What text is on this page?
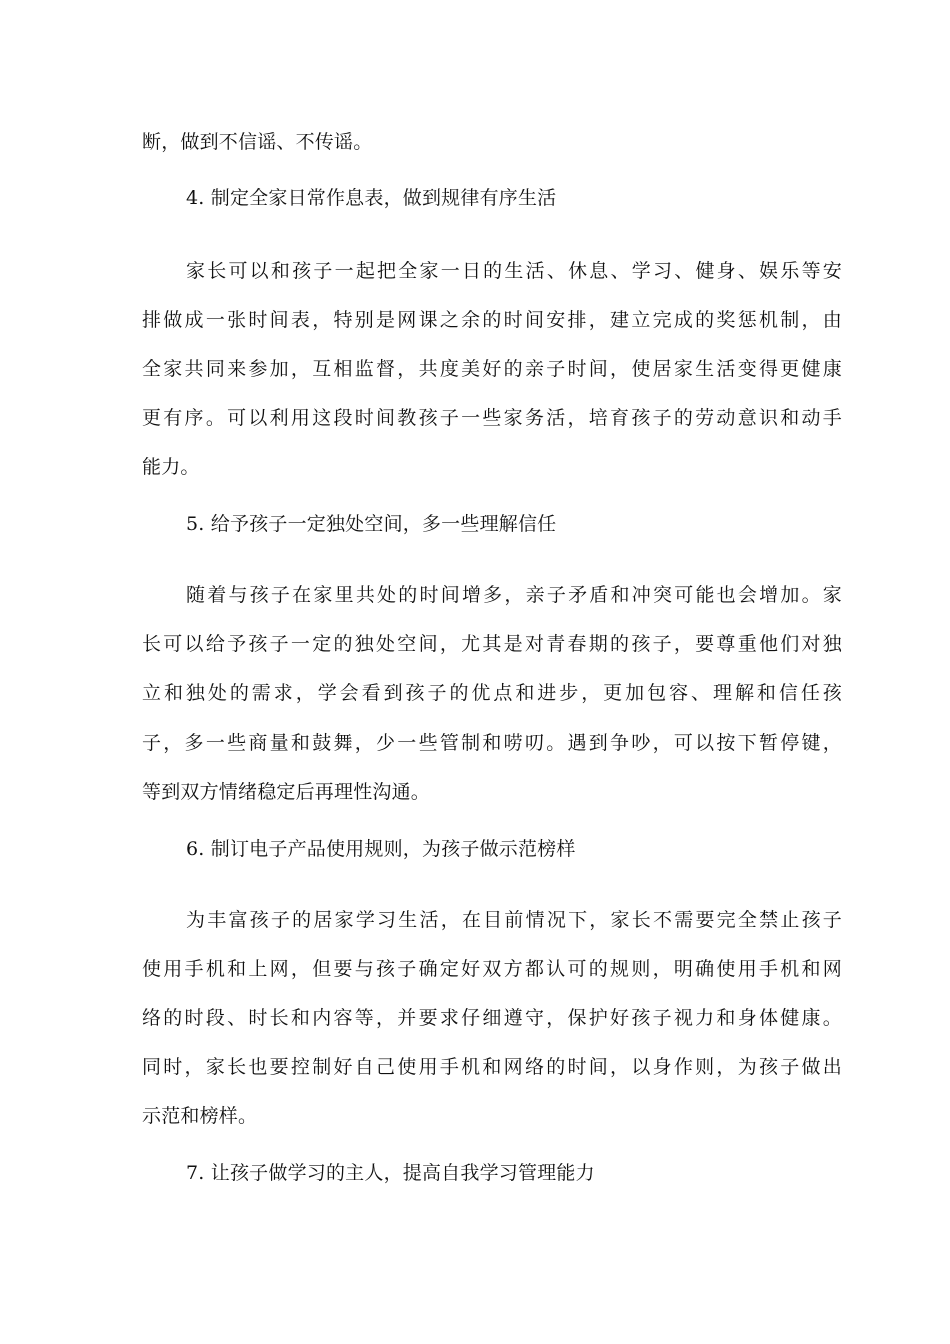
断，做到不信谣、不传谣。
4. 制定全家日常作息表，做到规律有序生活
家长可以和孩子一起把全家一日的生活、休息、学习、健身、娱乐等安
排做成一张时间表，特别是网课之余的时间安排，建立完成的奖惩机制，由
全家共同来参加，互相监督，共度美好的亲子时间，使居家生活变得更健康
更有序。可以利用这段时间教孩子一些家务活，培育孩子的劳动意识和动手
能力。
5. 给予孩子一定独处空间，多一些理解信任
随着与孩子在家里共处的时间增多，亲子矛盾和冲突可能也会增加。家
长可以给予孩子一定的独处空间，尤其是对青春期的孩子，要尊重他们对独
立和独处的需求，学会看到孩子的优点和进步，更加包容、理解和信任孩
子，多一些商量和鼓舞，少一些管制和唠叨。遇到争吵，可以按下暂停键，
等到双方情绪稳定后再理性沟通。
6. 制订电子产品使用规则，为孩子做示范榜样
为丰富孩子的居家学习生活，在目前情况下，家长不需要完全禁止孩子
使用手机和上网，但要与孩子确定好双方都认可的规则，明确使用手机和网
络的时段、时长和内容等，并要求仔细遵守，保护好孩子视力和身体健康。
同时，家长也要控制好自己使用手机和网络的时间，以身作则，为孩子做出
示范和榜样。
7. 让孩子做学习的主人，提高自我学习管理能力
